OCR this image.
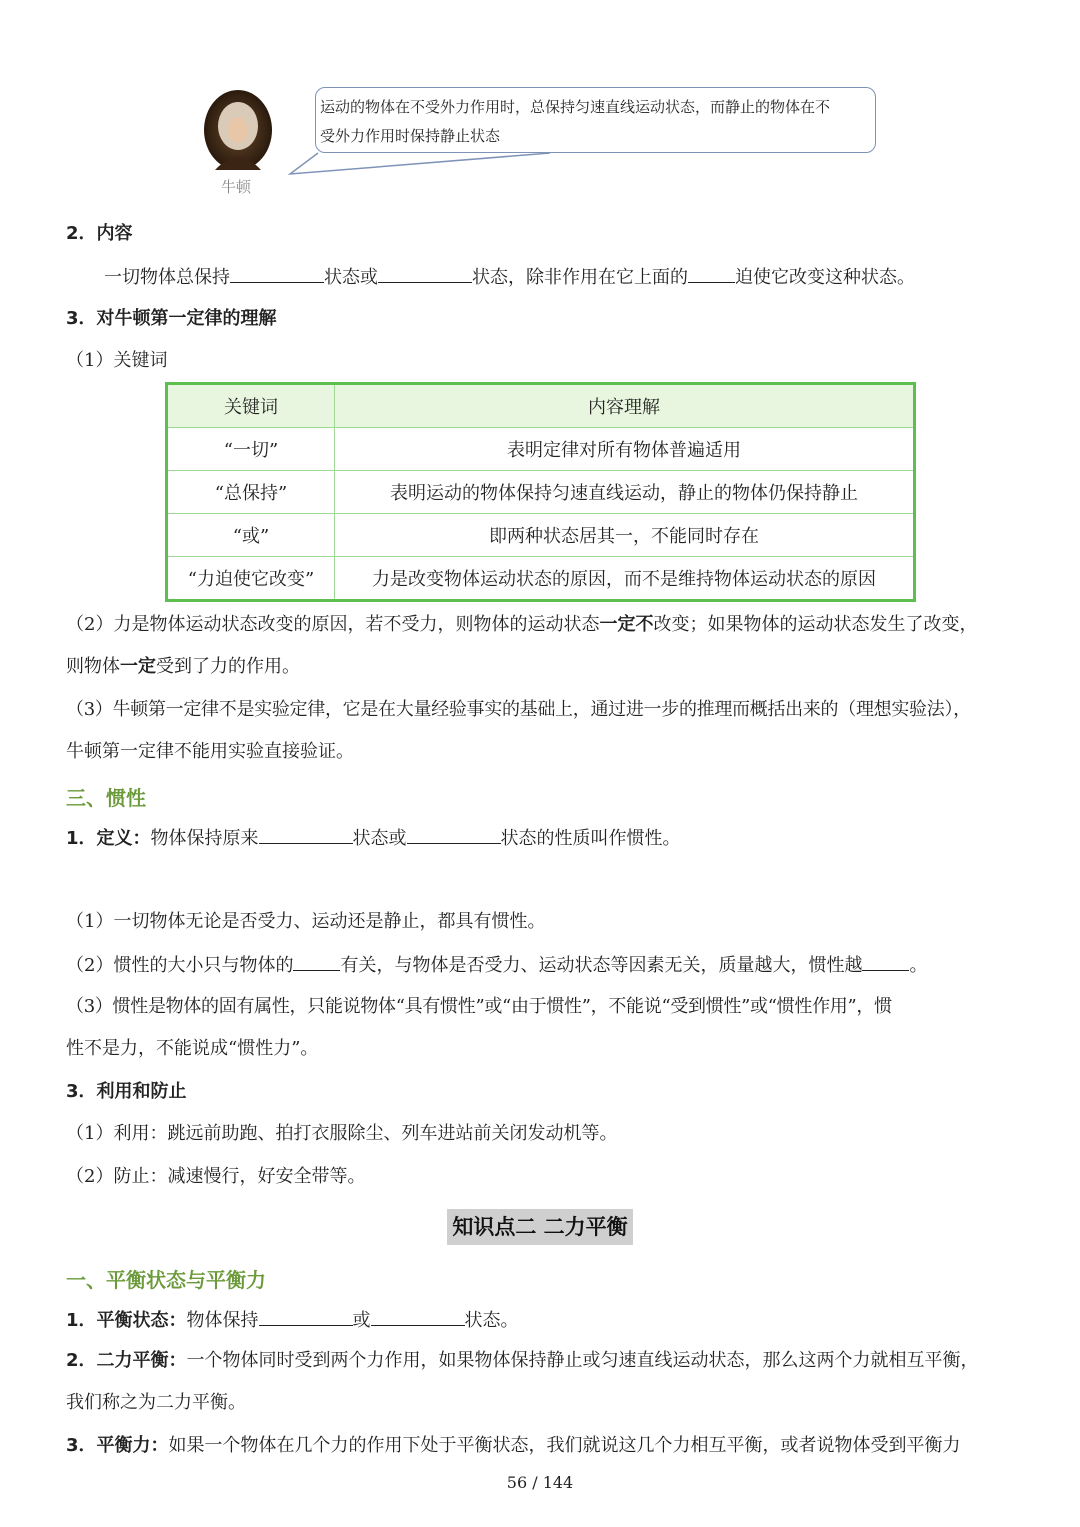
牛顿
运动的物体在不受外力作用时，总保持匀速直线运动状态，而静止的物体在不
受外力作用时保持静止状态
2．内容
一切物体总保持	状态或	状态，除非作用在它上面的	迫使它改变这种状态。
3．对牛顿第一定律的理解
（1）关键词
关键词	内容理解
“一切”	表明定律对所有物体普遍适用
“总保持”	表明运动的物体保持匀速直线运动，静止的物体仍保持静止
“或”	即两种状态居其一，不能同时存在
“力迫使它改变”	力是改变物体运动状态的原因，而不是维持物体运动状态的原因
（2）力是物体运动状态改变的原因，若不受力，则物体的运动状态一定不改变；如果物体的运动状态发生了改变，
则物体一定受到了力的作用。
（3）牛顿第一定律不是实验定律，它是在大量经验事实的基础上，通过进一步的推理而概括出来的（理想实验法），
牛顿第一定律不能用实验直接验证。
三、惯性
1．定义：物体保持原来	状态或	状态的性质叫作惯性。
（1）一切物体无论是否受力、运动还是静止，都具有惯性。
（2）惯性的大小只与物体的	有关，与物体是否受力、运动状态等因素无关，质量越大，惯性越	。
（3）惯性是物体的固有属性，只能说物体“具有惯性”或“由于惯性”，不能说“受到惯性”或“惯性作用”，惯
性不是力，不能说成“惯性力”。
3．利用和防止
（1）利用：跳远前助跑、拍打衣服除尘、列车进站前关闭发动机等。
（2）防止：减速慢行，好安全带等。
知识点二 二力平衡
一、平衡状态与平衡力
1．平衡状态：物体保持	或	状态。
2．二力平衡：一个物体同时受到两个力作用，如果物体保持静止或匀速直线运动状态，那么这两个力就相互平衡，
我们称之为二力平衡。
3．平衡力：如果一个物体在几个力的作用下处于平衡状态，我们就说这几个力相互平衡，或者说物体受到平衡力
56 / 144
